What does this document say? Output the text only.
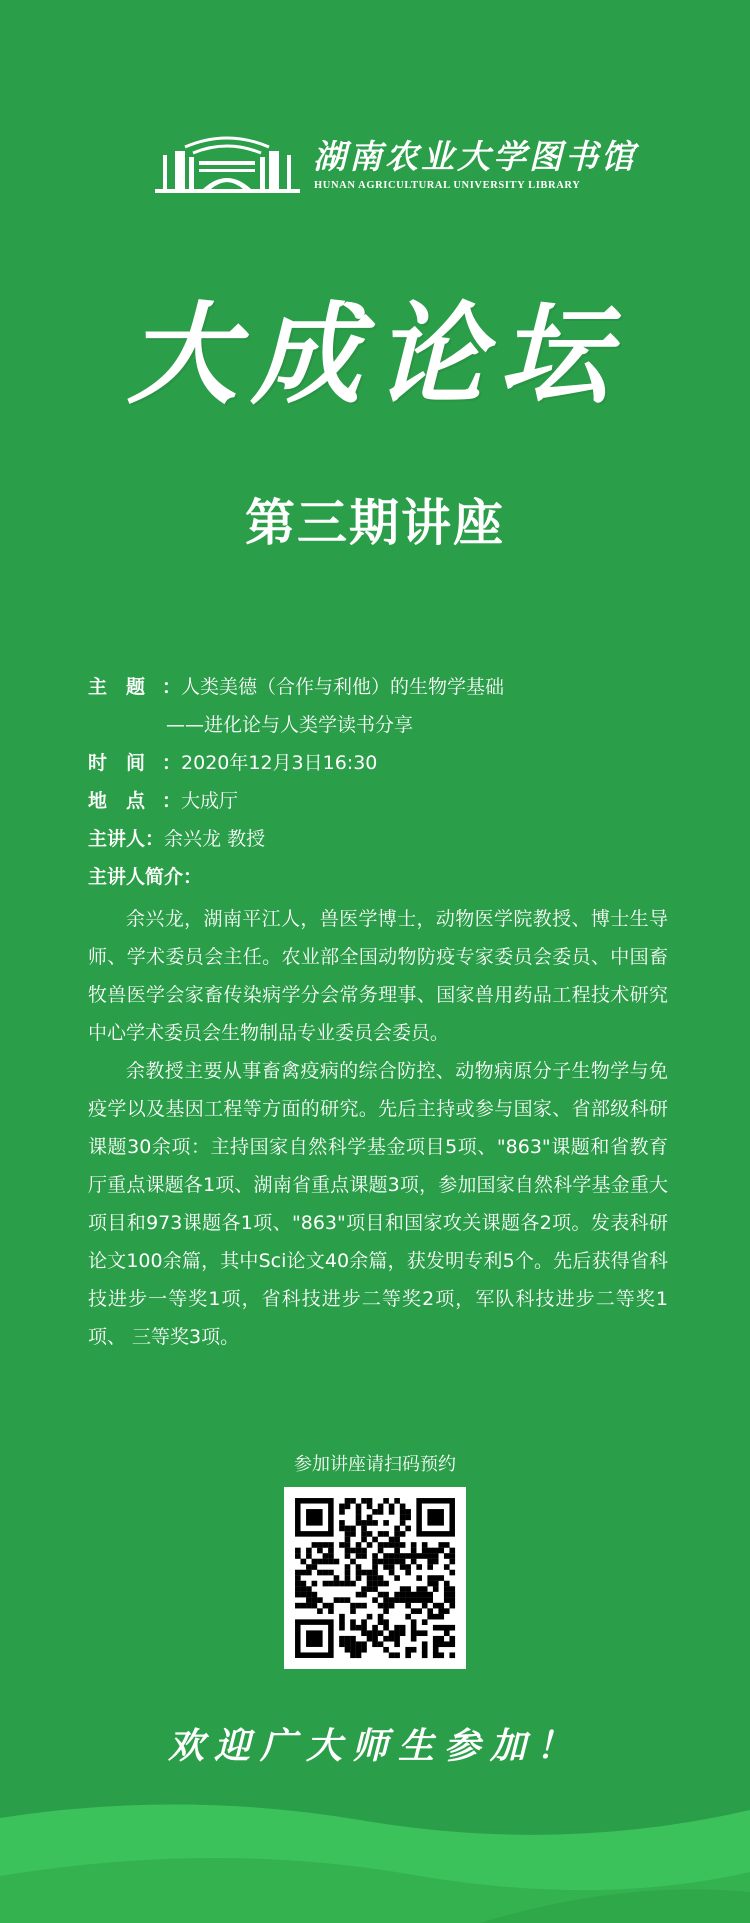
湖南农业大学图书馆
HUNAN AGRICULTURAL UNIVERSITY LIBRARY
大成论坛
第三期讲座
主　题 ：人类美德（合作与利他）的生物学基础
——进化论与人类学读书分享
时　间 ：2020年12月3日16:30
地　点 ：大成厅
主讲人：余兴龙 教授
主讲人简介：

余兴龙，湖南平江人，兽医学博士，动物医学院教授、博士生导师、学术委员会主任。农业部全国动物防疫专家委员会委员、中国畜牧兽医学会家畜传染病学分会常务理事、国家兽用药品工程技术研究中心学术委员会生物制品专业委员会委员。

余教授主要从事畜禽疫病的综合防控、动物病原分子生物学与免疫学以及基因工程等方面的研究。先后主持或参与国家、省部级科研课题30余项：主持国家自然科学基金项目5项、"863"课题和省教育厅重点课题各1项、湖南省重点课题3项，参加国家自然科学基金重大项目和973课题各1项、"863"项目和国家攻关课题各2项。发表科研论文100余篇，其中Sci论文40余篇，获发明专利5个。先后获得省科技进步一等奖1项，省科技进步二等奖2项，军队科技进步二等奖1项、 三等奖3项。

参加讲座请扫码预约
欢迎广大师生参加！
